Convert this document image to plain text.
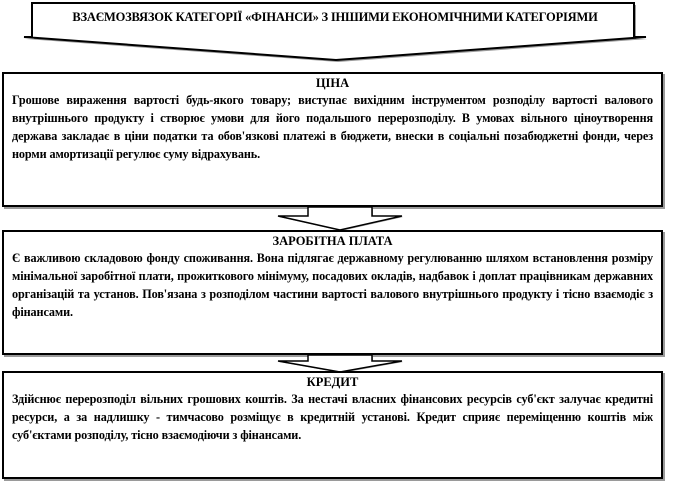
ВЗАЄМОЗВЯЗОК КАТЕГОРІЇ «ФІНАНСИ» З ІНШИМИ ЕКОНОМІЧНИМИ КАТЕГОРІЯМИ
ЦІНА
Грошове вираження вартості будь-якого товару; виступає вихідним інструментом розподілу вартості валового внутрішнього продукту і створює умови для його подальшого перерозподілу. В умовах вільного ціноутворення держава закладає в ціни податки та обов'язкові платежі в бюджети, внески в соціальні позабюджетні фонди, через норми амортизації регулює суму відрахувань.
ЗАРОБІТНА ПЛАТА
Є важливою складовою фонду споживання. Вона підлягає державному регулюванню шляхом встановлення розміру мінімальної заробітної плати, прожиткового мінімуму, посадових окладів, надбавок і доплат працівникам державних організацій та установ. Пов'язана з розподілом частини вартості валового внутрішнього продукту і тісно взаємодіє з фінансами.
КРЕДИТ
Здійснює перерозподіл вільних грошових коштів. За нестачі власних фінансових ресурсів суб'єкт залучає кредитні ресурси, а за надлишку - тимчасово розміщує в кредитній установі. Кредит сприяє переміщенню коштів між суб'єктами розподілу, тісно взаємодіючи з фінансами.
